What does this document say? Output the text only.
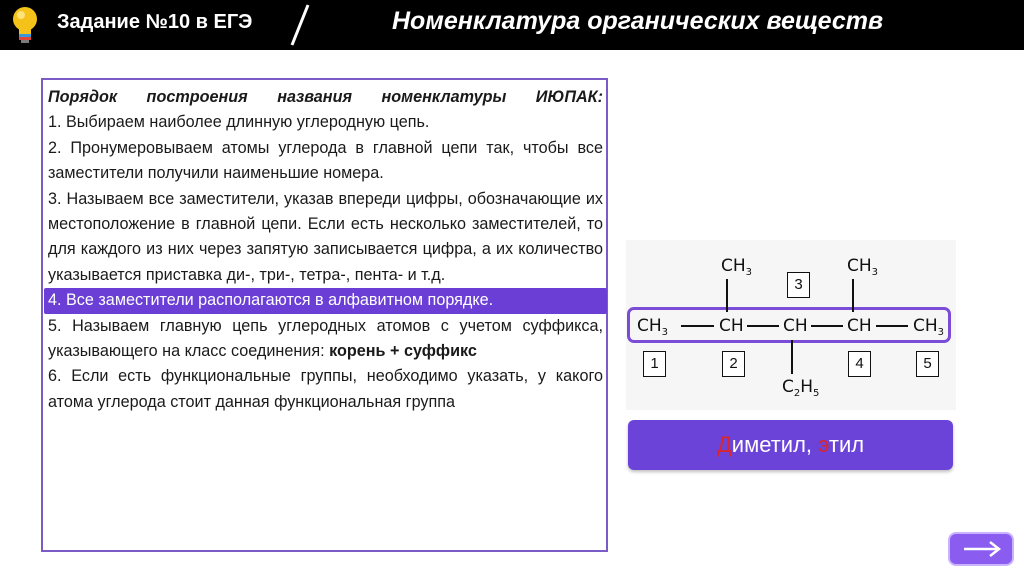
Задание №10 в ЕГЭ	Номенклатура органических веществ

Порядок построения названия номенклатуры ИЮПАК:

1. Выбираем наиболее длинную углеродную цепь.

2. Пронумеровываем атомы углерода в главной цепи так, чтобы все заместители получили наименьшие номера.

3. Называем все заместители, указав впереди цифры, обозначающие их местоположение в главной цепи. Если есть несколько заместителей, то для каждого из них через запятую записывается цифра, а их количество указывается приставка ди-, три-, тетра-, пента- и т.д.

4. Все заместители располагаются в алфавитном порядке.

5. Называем главную цепь углеродных атомов с учетом суффикса, указывающего на класс соединения: корень + суффикс

6. Если есть функциональные группы, необходимо указать, у какого атома углерода стоит данная функциональная группа

$CH_3$	CH CH CH $CH_3$
$CH_3$	$CH_3$
$C_2H_5$
3
1	2	4	5
Диметил, этил
